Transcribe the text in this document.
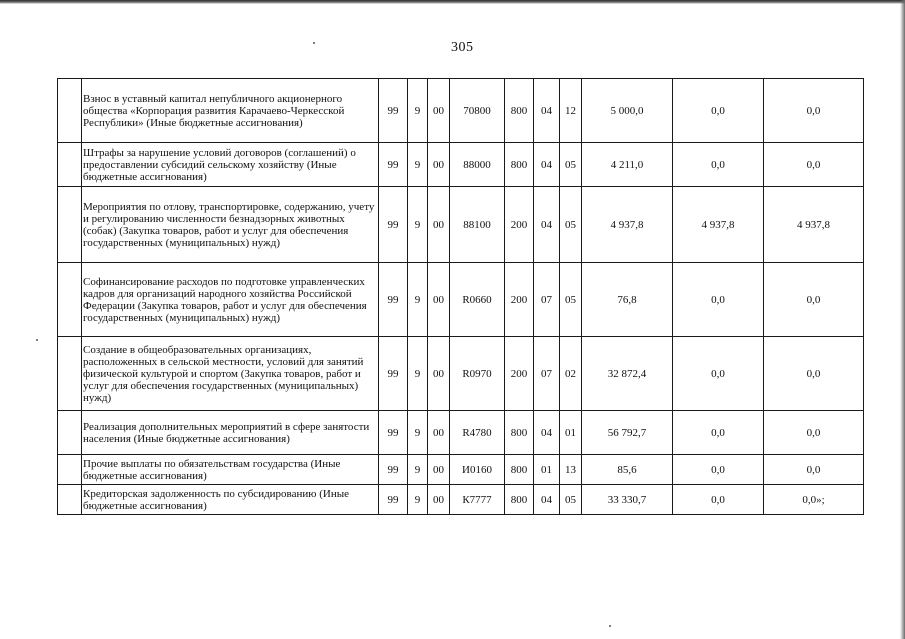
305
	Взнос в уставный капитал непубличного акционерного общества «Корпорация развития Карачаево-Черкесской Республики» (Иные бюджетные ассигнования)	99	9	00	70800	800	04	12	5 000,0	0,0	0,0
	Штрафы за нарушение условий договоров (соглашений) о предоставлении субсидий сельскому хозяйству (Иные бюджетные ассигнования)	99	9	00	88000	800	04	05	4 211,0	0,0	0,0
	Мероприятия по отлову, транспортировке, содержанию, учету и регулированию численности безнадзорных животных (собак) (Закупка товаров, работ и услуг для обеспечения государственных (муниципальных) нужд)	99	9	00	88100	200	04	05	4 937,8	4 937,8	4 937,8
	Софинансирование расходов по подготовке управленческих кадров для организаций народного хозяйства Российской Федерации (Закупка товаров, работ и услуг для обеспечения государственных (муниципальных) нужд)	99	9	00	R0660	200	07	05	76,8	0,0	0,0
	Создание в общеобразовательных организациях, расположенных в сельской местности, условий для занятий физической культурой и спортом (Закупка товаров, работ и услуг для обеспечения государственных (муниципальных) нужд)	99	9	00	R0970	200	07	02	32 872,4	0,0	0,0
	Реализация дополнительных мероприятий в сфере занятости населения (Иные бюджетные ассигнования)	99	9	00	R4780	800	04	01	56 792,7	0,0	0,0
	Прочие выплаты по обязательствам государства (Иные бюджетные ассигнования)	99	9	00	И0160	800	01	13	85,6	0,0	0,0
	Кредиторская задолженность по субсидированию (Иные бюджетные ассигнования)	99	9	00	К7777	800	04	05	33 330,7	0,0	0,0»;
